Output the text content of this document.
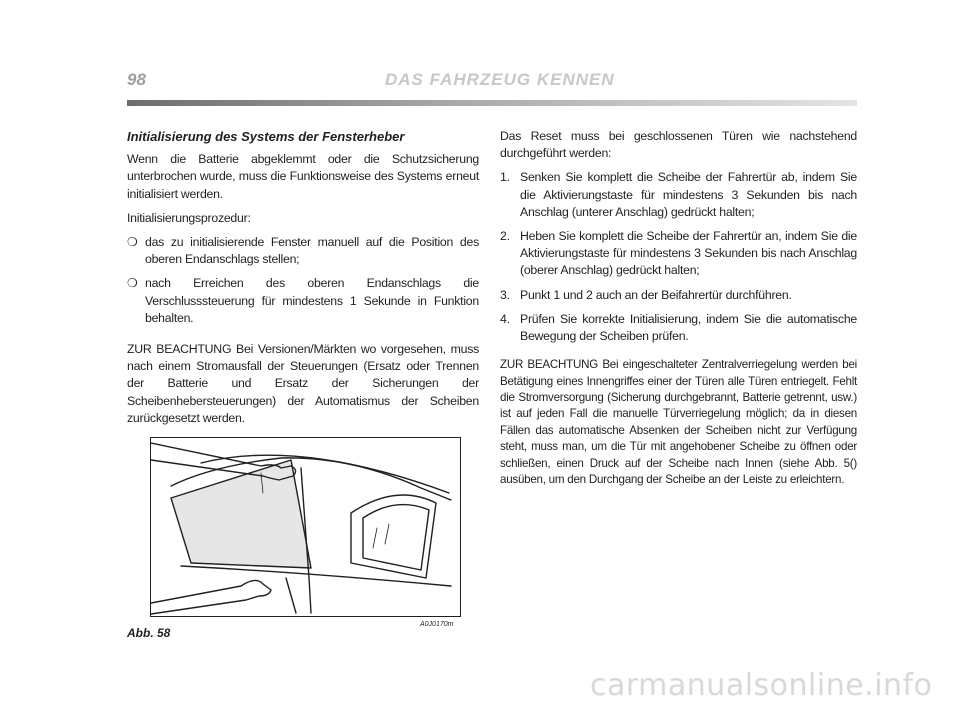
98	DAS FAHRZEUG KENNEN

Initialisierung des Systems der Fensterheber

Wenn die Batterie abgeklemmt oder die Schutzsicherung unterbrochen wurde, muss die Funktionsweise des Systems erneut initialisiert werden.

Initialisierungsprozedur:

❍ das zu initialisierende Fenster manuell auf die Position des oberen Endanschlags stellen;
❍ nach Erreichen des oberen Endanschlags die Verschlusssteuerung für mindestens 1 Sekunde in Funktion behalten.

ZUR BEACHTUNG Bei Versionen/Märkten wo vorgesehen, muss nach einem Stromausfall der Steuerungen (Ersatz oder Trennen der Batterie und Ersatz der Sicherungen der Scheibenhebersteuerungen) der Automatismus der Scheiben zurückgesetzt werden.

Das Reset muss bei geschlossenen Türen wie nachstehend durchgeführt werden:

1. Senken Sie komplett die Scheibe der Fahrertür ab, indem Sie die Aktivierungstaste für mindestens 3 Sekunden bis nach Anschlag (unterer Anschlag) gedrückt halten;
2. Heben Sie komplett die Scheibe der Fahrertür an, indem Sie die Aktivierungstaste für mindestens 3 Sekunden bis nach Anschlag (oberer Anschlag) gedrückt halten;
3. Punkt 1 und 2 auch an der Beifahrertür durchführen.
4. Prüfen Sie korrekte Initialisierung, indem Sie die automatische Bewegung der Scheiben prüfen.

ZUR BEACHTUNG Bei eingeschalteter Zentralverriegelung werden bei Betätigung eines Innengriffes einer der Türen alle Türen entriegelt. Fehlt die Stromversorgung (Sicherung durchgebrannt, Batterie getrennt, usw.) ist auf jeden Fall die manuelle Türverriegelung möglich; da in diesen Fällen das automatische Absenken der Scheiben nicht zur Verfügung steht, muss man, um die Tür mit angehobener Scheibe zu öffnen oder schließen, einen Druck auf der Scheibe nach Innen (siehe Abb. 5() ausüben, um den Durchgang der Scheibe an der Leiste zu erleichtern.

Abb. 58
A0J0170m
carmanualsonline.info
